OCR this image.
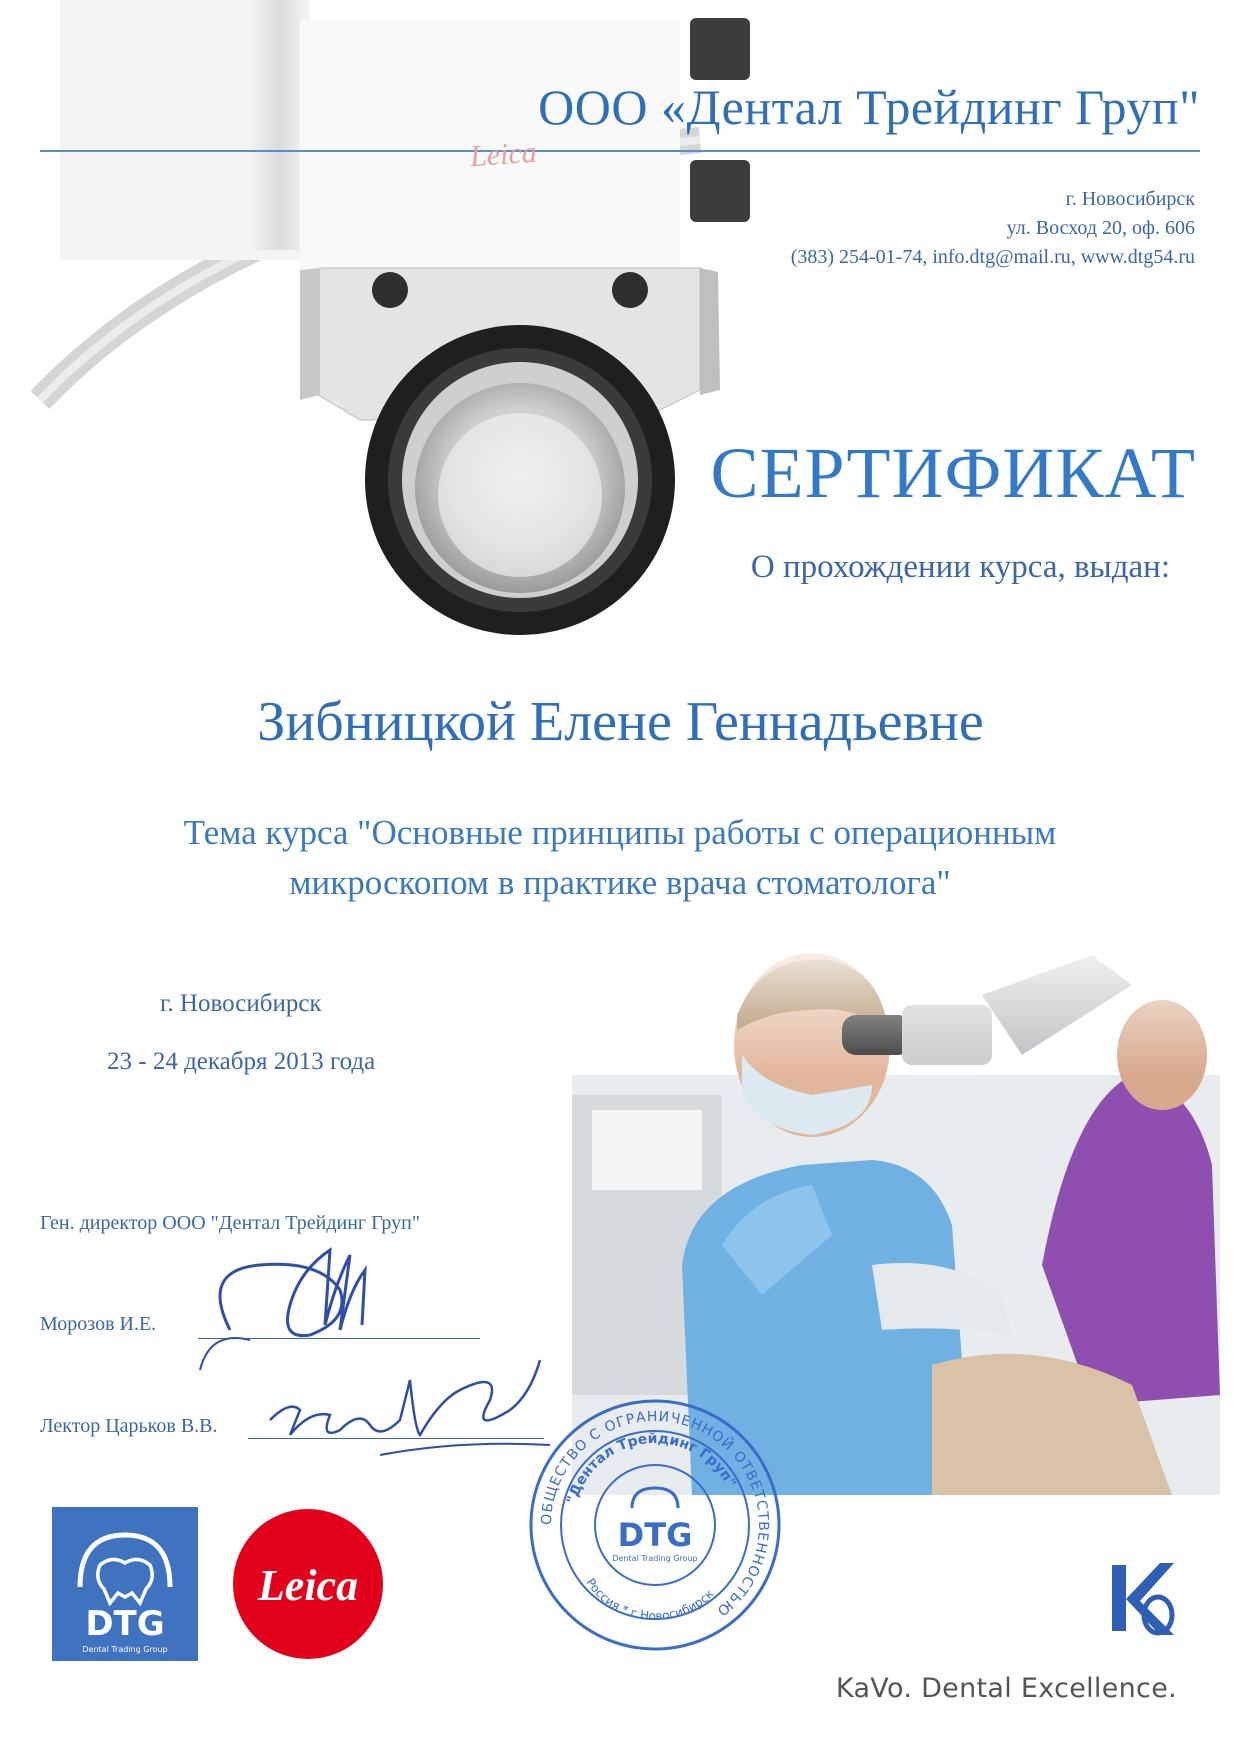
ООО «Дентал Трейдинг Груп"
Leica
г. Новосибирск
ул. Восход 20, оф. 606
(383) 254-01-74, info.dtg@mail.ru, www.dtg54.ru
СЕРТИФИКАТ
О прохождении курса, выдан:
Зибницкой Елене Геннадьевне
Тема курса "Основные принципы работы с операционным
микроскопом в практике врача стоматолога"
г. Новосибирск
23 - 24 декабря 2013 года
Ген. директор ООО "Дентал Трейдинг Груп"
Морозов И.Е.
Лектор Царьков В.В.
DTG
Dental Trading Group
Leica
ОБЩЕСТВО С ОГРАНИЧЕННОЙ ОТВЕТСТВЕННОСТЬЮ
"Дентал Трейдинг Груп"
Россия * г.Новосибирск
DTG
Dental Trading Group
KaVo. Dental Excellence.
